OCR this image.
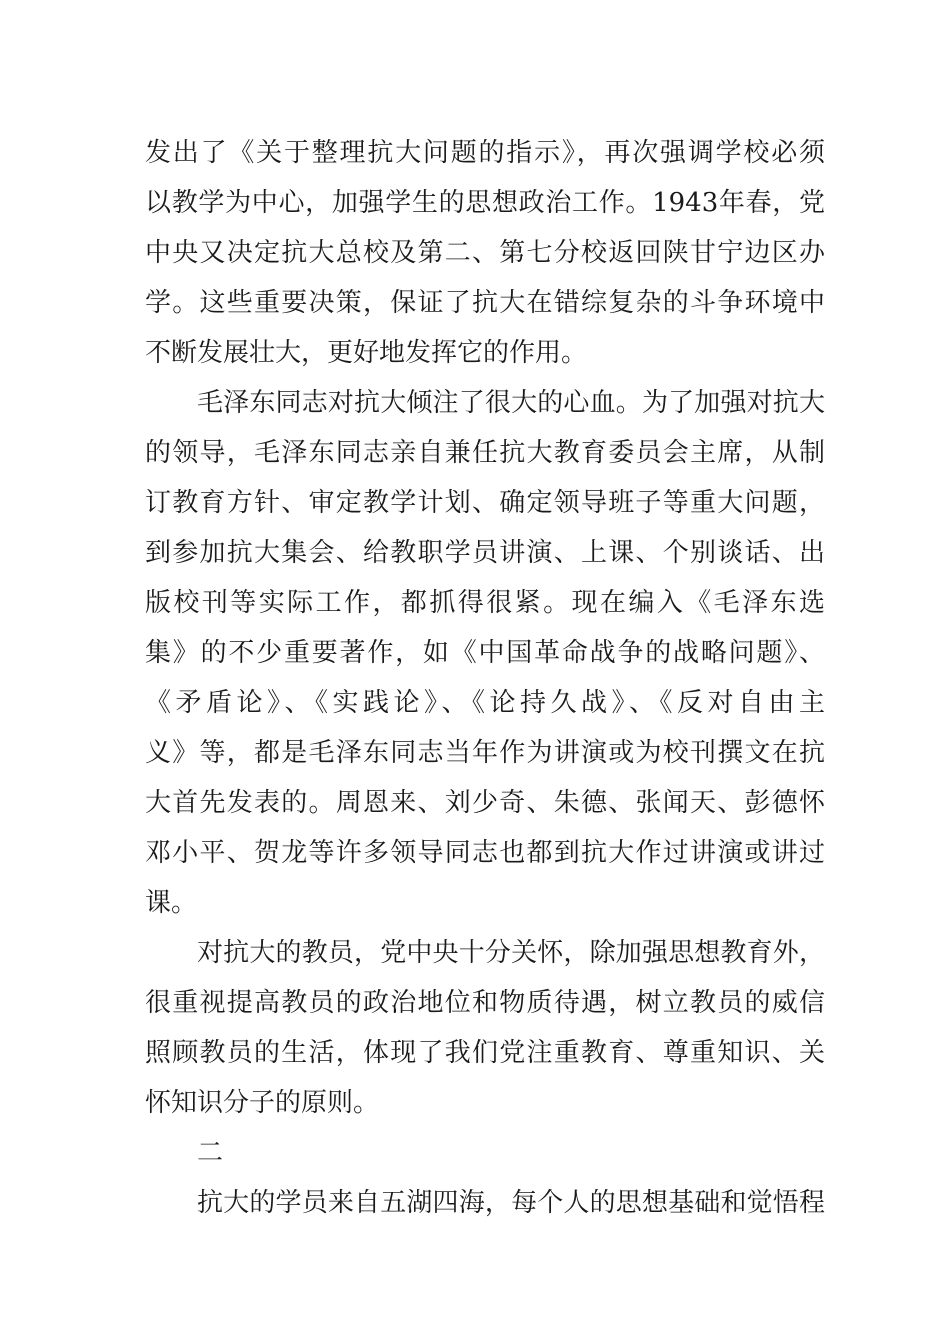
发出了《关于整理抗大问题的指示》，再次强调学校必须
以教学为中心，加强学生的思想政治工作。1943年春，党
中央又决定抗大总校及第二、第七分校返回陕甘宁边区办
学。这些重要决策，保证了抗大在错综复杂的斗争环境中
不断发展壮大，更好地发挥它的作用。
毛泽东同志对抗大倾注了很大的心血。为了加强对抗大
的领导，毛泽东同志亲自兼任抗大教育委员会主席，从制
订教育方针、审定教学计划、确定领导班子等重大问题，
到参加抗大集会、给教职学员讲演、上课、个别谈话、出
版校刊等实际工作，都抓得很紧。现在编入《毛泽东选
集》的不少重要著作，如《中国革命战争的战略问题》、
《矛盾论》、《实践论》、《论持久战》、《反对自由主
义》等，都是毛泽东同志当年作为讲演或为校刊撰文在抗
大首先发表的。周恩来、刘少奇、朱德、张闻天、彭德怀
邓小平、贺龙等许多领导同志也都到抗大作过讲演或讲过
课。
对抗大的教员，党中央十分关怀，除加强思想教育外，
很重视提高教员的政治地位和物质待遇，树立教员的威信
照顾教员的生活，体现了我们党注重教育、尊重知识、关
怀知识分子的原则。
二
抗大的学员来自五湖四海，每个人的思想基础和觉悟程
